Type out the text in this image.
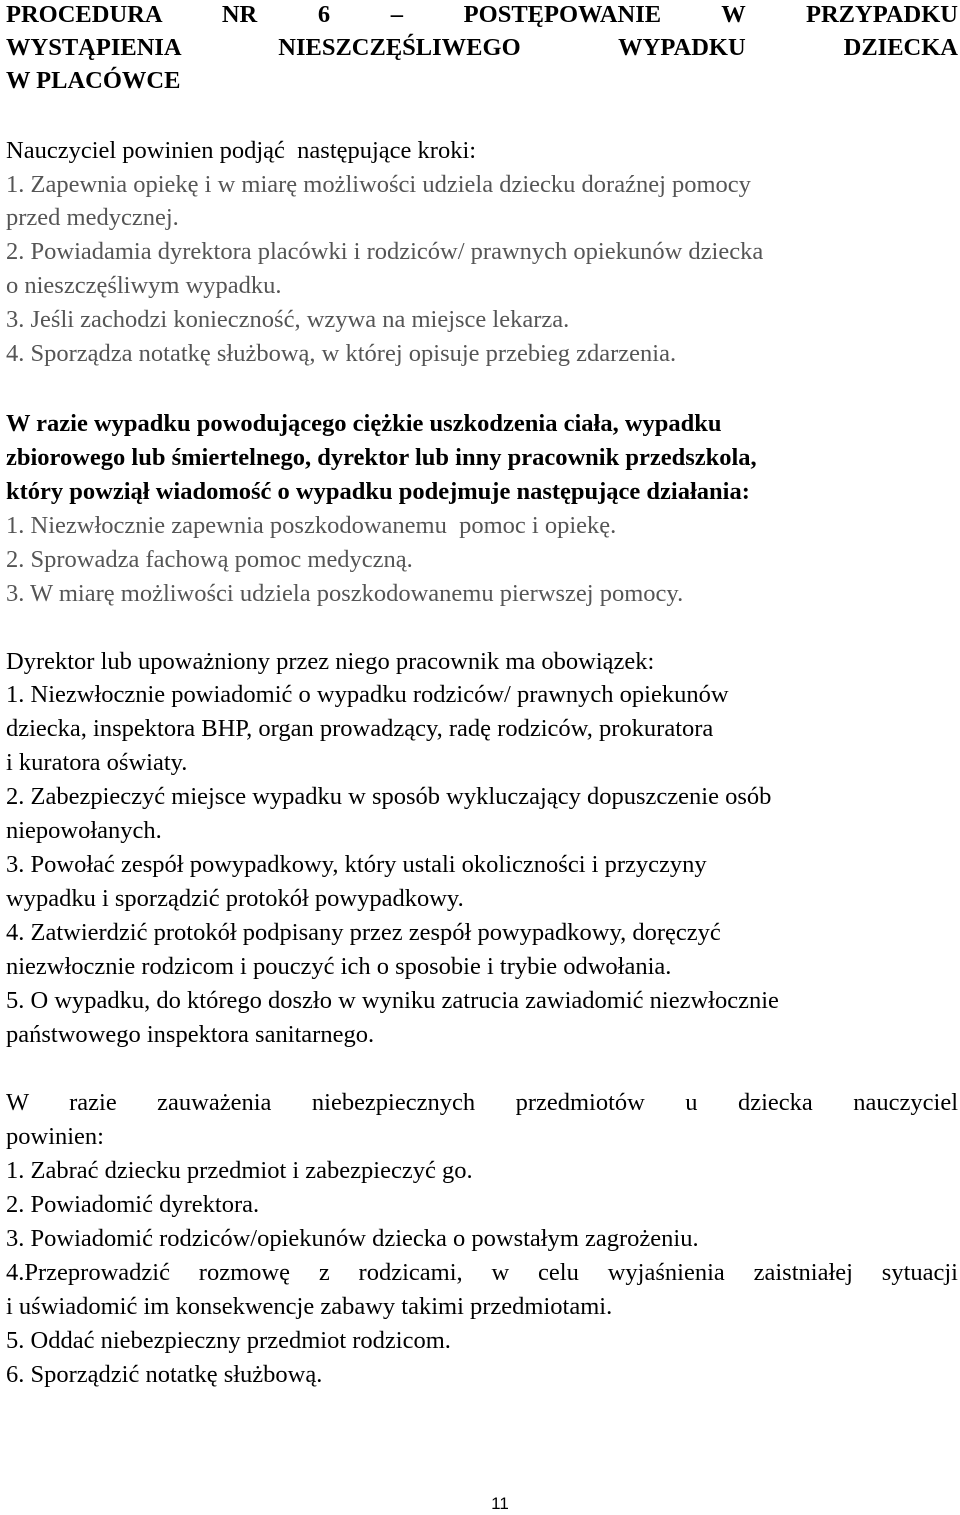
PROCEDURA NR 6 – POSTĘPOWANIE W PRZYPADKU
WYSTĄPIENIA NIESZCZĘŚLIWEGO WYPADKU DZIECKA
W PLACÓWCE
Nauczyciel powinien podjąć  następujące kroki:
1. Zapewnia opiekę i w miarę możliwości udziela dziecku doraźnej pomocy
przed medycznej.
2. Powiadamia dyrektora placówki i rodziców/ prawnych opiekunów dziecka
o nieszczęśliwym wypadku.
3. Jeśli zachodzi konieczność, wzywa na miejsce lekarza.
4. Sporządza notatkę służbową, w której opisuje przebieg zdarzenia.
W razie wypadku powodującego ciężkie uszkodzenia ciała, wypadku
zbiorowego lub śmiertelnego, dyrektor lub inny pracownik przedszkola,
który powziął wiadomość o wypadku podejmuje następujące działania:
1. Niezwłocznie zapewnia poszkodowanemu  pomoc i opiekę.
2. Sprowadza fachową pomoc medyczną.
3. W miarę możliwości udziela poszkodowanemu pierwszej pomocy.
Dyrektor lub upoważniony przez niego pracownik ma obowiązek:
1. Niezwłocznie powiadomić o wypadku rodziców/ prawnych opiekunów
dziecka, inspektora BHP, organ prowadzący, radę rodziców, prokuratora
i kuratora oświaty.
2. Zabezpieczyć miejsce wypadku w sposób wykluczający dopuszczenie osób
niepowołanych.
3. Powołać zespół powypadkowy, który ustali okoliczności i przyczyny
wypadku i sporządzić protokół powypadkowy.
4. Zatwierdzić protokół podpisany przez zespół powypadkowy, doręczyć
niezwłocznie rodzicom i pouczyć ich o sposobie i trybie odwołania.
5. O wypadku, do którego doszło w wyniku zatrucia zawiadomić niezwłocznie
państwowego inspektora sanitarnego.
W razie zauważenia niebezpiecznych przedmiotów u dziecka nauczyciel
powinien:
1. Zabrać dziecku przedmiot i zabezpieczyć go.
2. Powiadomić dyrektora.
3. Powiadomić rodziców/opiekunów dziecka o powstałym zagrożeniu.
4.Przeprowadzić rozmowę z rodzicami, w celu wyjaśnienia zaistniałej sytuacji
i uświadomić im konsekwencje zabawy takimi przedmiotami.
5. Oddać niebezpieczny przedmiot rodzicom.
6. Sporządzić notatkę służbową.
11
